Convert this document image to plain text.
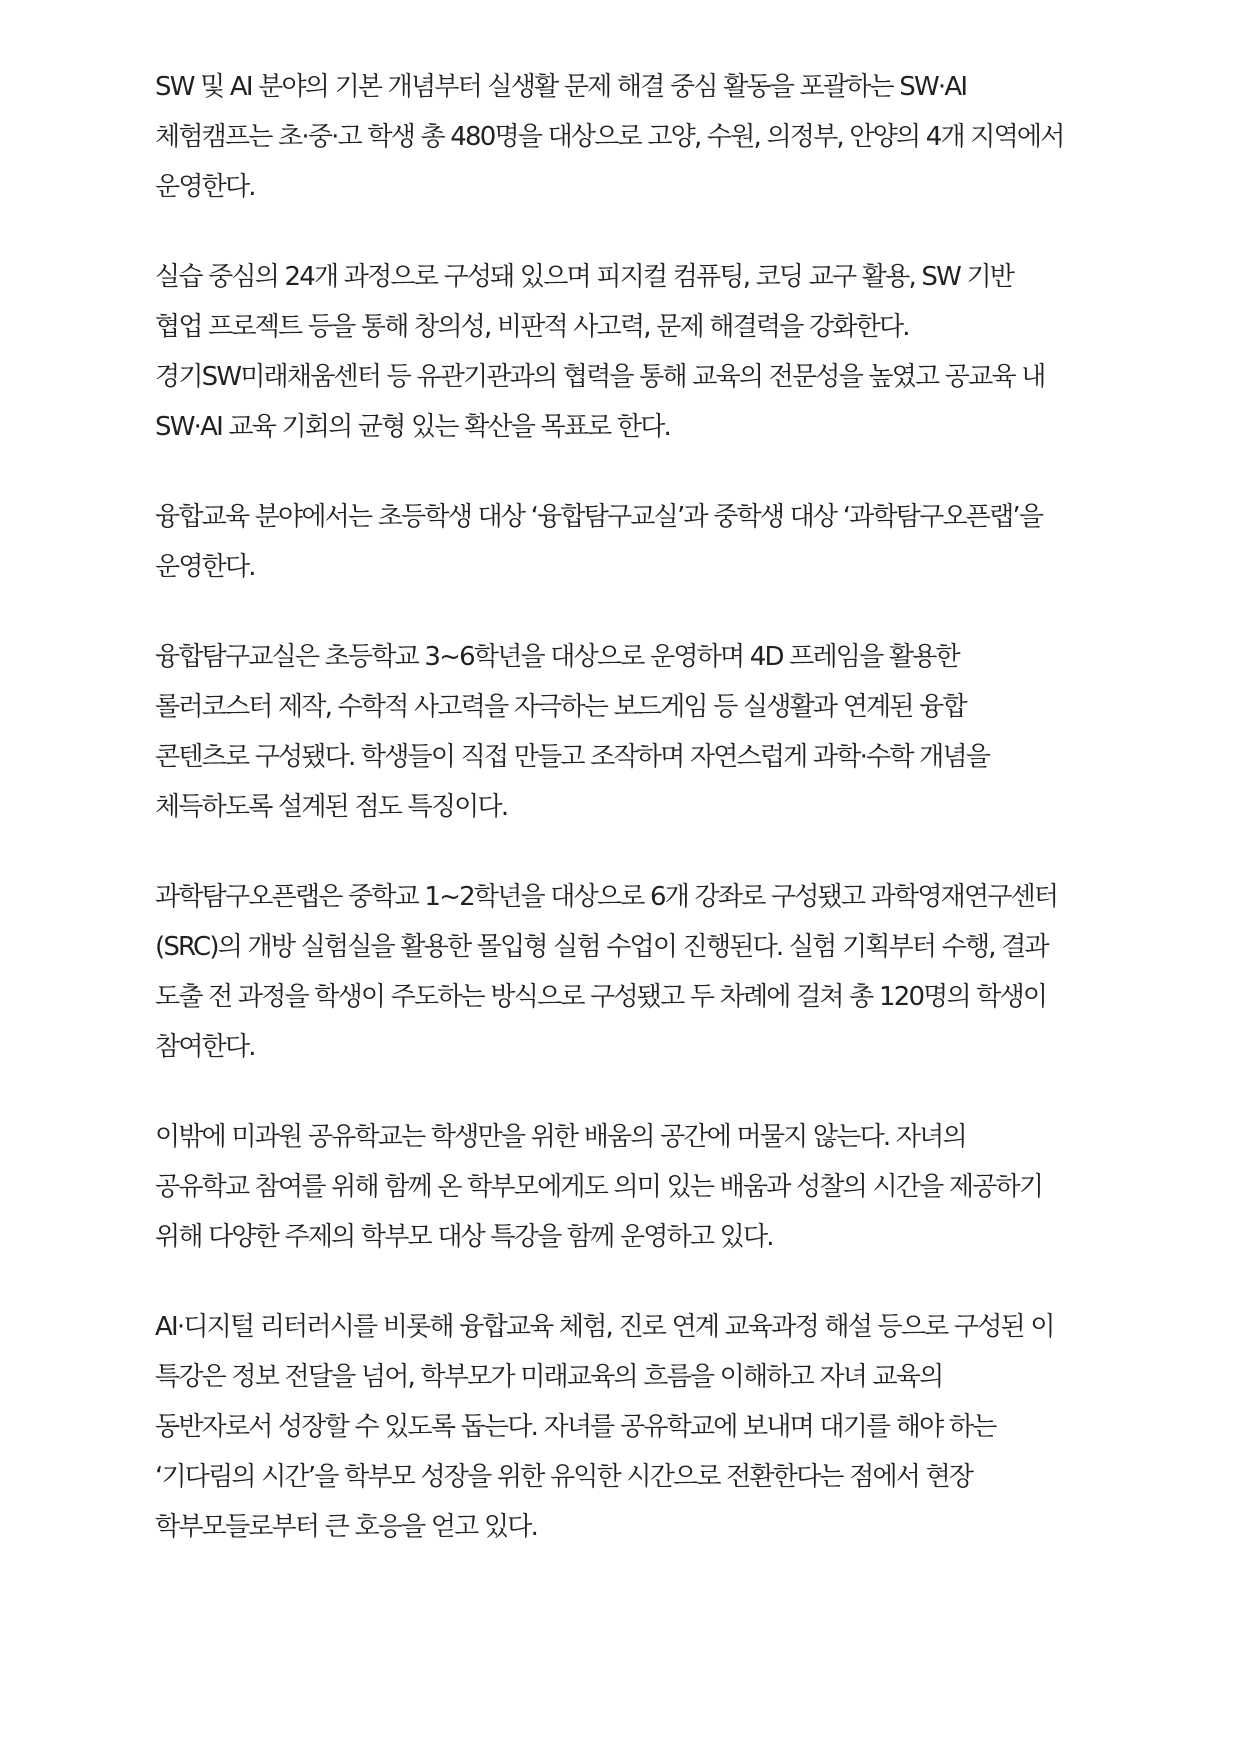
SW 및 AI 분야의 기본 개념부터 실생활 문제 해결 중심 활동을 포괄하는 SW·AI
체험캠프는 초·중·고 학생 총 480명을 대상으로 고양, 수원, 의정부, 안양의 4개 지역에서
운영한다.

실습 중심의 24개 과정으로 구성돼 있으며 피지컬 컴퓨팅, 코딩 교구 활용, SW 기반
협업 프로젝트 등을 통해 창의성, 비판적 사고력, 문제 해결력을 강화한다.
경기SW미래채움센터 등 유관기관과의 협력을 통해 교육의 전문성을 높였고 공교육 내
SW·AI 교육 기회의 균형 있는 확산을 목표로 한다.

융합교육 분야에서는 초등학생 대상 ‘융합탐구교실’과 중학생 대상 ‘과학탐구오픈랩’을
운영한다.

융합탐구교실은 초등학교 3~6학년을 대상으로 운영하며 4D 프레임을 활용한
롤러코스터 제작, 수학적 사고력을 자극하는 보드게임 등 실생활과 연계된 융합
콘텐츠로 구성됐다. 학생들이 직접 만들고 조작하며 자연스럽게 과학·수학 개념을
체득하도록 설계된 점도 특징이다.

과학탐구오픈랩은 중학교 1~2학년을 대상으로 6개 강좌로 구성됐고 과학영재연구센터
(SRC)의 개방 실험실을 활용한 몰입형 실험 수업이 진행된다. 실험 기획부터 수행, 결과
도출 전 과정을 학생이 주도하는 방식으로 구성됐고 두 차례에 걸쳐 총 120명의 학생이
참여한다.

이밖에 미과원 공유학교는 학생만을 위한 배움의 공간에 머물지 않는다. 자녀의
공유학교 참여를 위해 함께 온 학부모에게도 의미 있는 배움과 성찰의 시간을 제공하기
위해 다양한 주제의 학부모 대상 특강을 함께 운영하고 있다.

AI·디지털 리터러시를 비롯해 융합교육 체험, 진로 연계 교육과정 해설 등으로 구성된 이
특강은 정보 전달을 넘어, 학부모가 미래교육의 흐름을 이해하고 자녀 교육의
동반자로서 성장할 수 있도록 돕는다. 자녀를 공유학교에 보내며 대기를 해야 하는
‘기다림의 시간’을 학부모 성장을 위한 유익한 시간으로 전환한다는 점에서 현장
학부모들로부터 큰 호응을 얻고 있다.
